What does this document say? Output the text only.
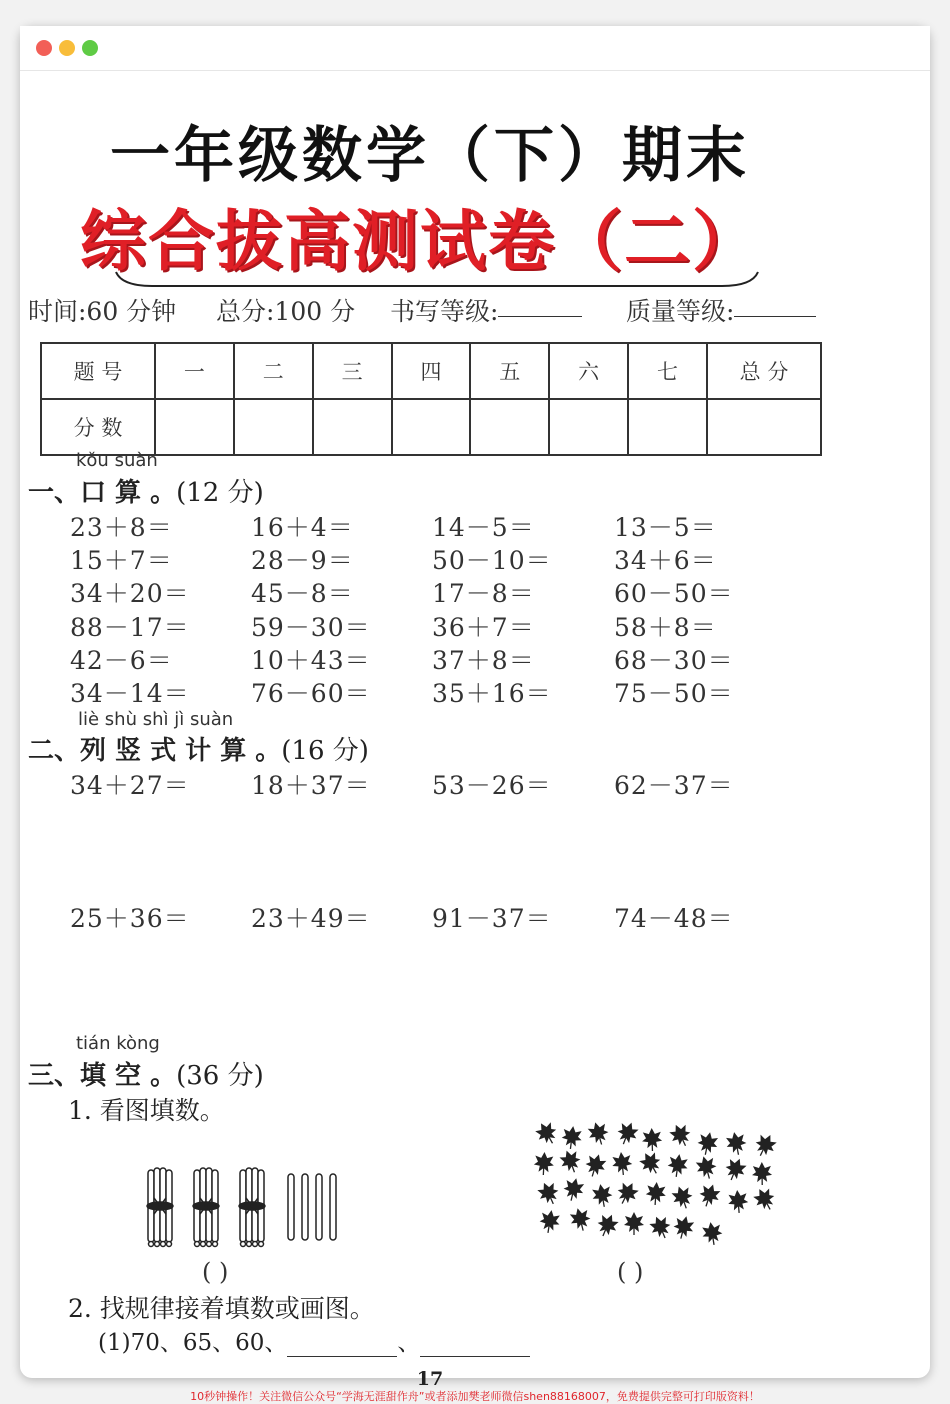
一年级数学（下）期末
综合拔高测试卷（二）
时间:60 分钟 总分:100 分 书写等级:	质量等级:
题 号	一	二	三	四	五	六	七	总 分
分 数								
kǒu suàn
一、口 算 。(12 分)
23＋8＝	16＋4＝	14－5＝	13－5＝
15＋7＝	28－9＝	50－10＝ 34＋6＝
34＋20＝ 45－8＝	17－8＝	60－50＝
88－17＝ 59－30＝ 36＋7＝	58＋8＝
42－6＝	10＋43＝ 37＋8＝	68－30＝
34－14＝ 76－60＝ 35＋16＝ 75－50＝
liè shù shì jì suàn
二、列 竖 式 计 算 。(16 分)
34＋27＝ 18＋37＝ 53－26＝ 62－37＝
25＋36＝ 23＋49＝ 91－37＝ 74－48＝
tián kòng
三、填 空 。(36 分)
1. 看图填数。
( )	( )
2. 找规律接着填数或画图。
(1)70、65、60、	、
17
10秒钟操作！关注微信公众号“学海无涯甜作舟”或者添加樊老师微信shen88168007，免费提供完整可打印版资料！
